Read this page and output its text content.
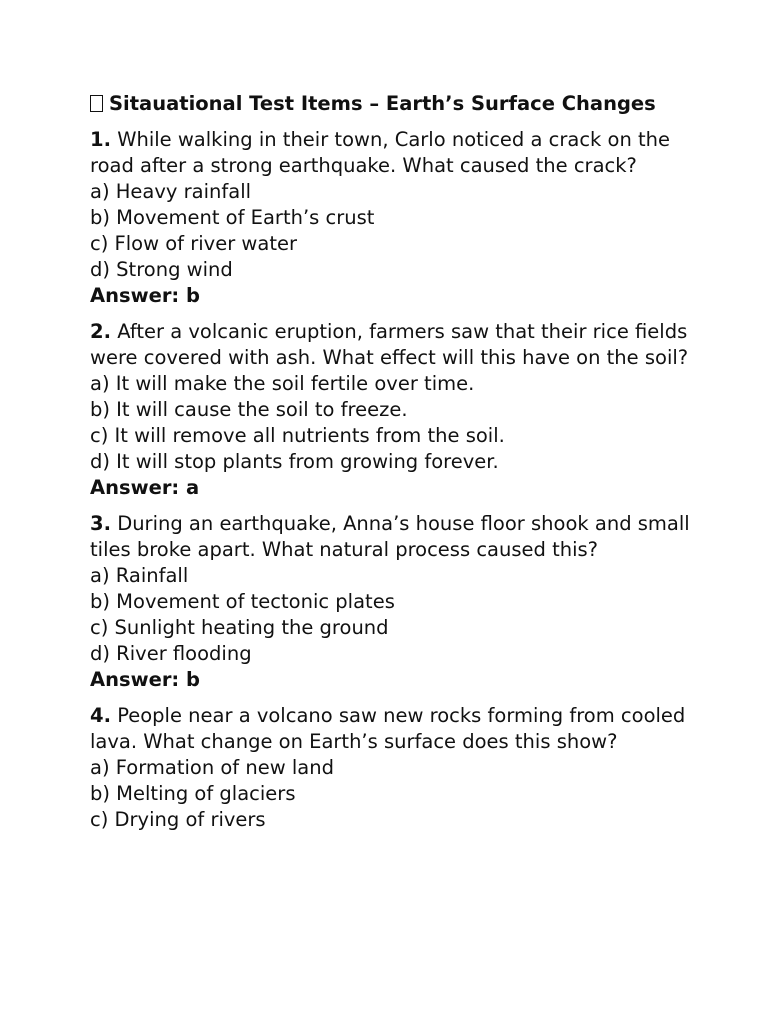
Sitauational Test Items – Earth’s Surface Changes

1. While walking in their town, Carlo noticed a crack on the road after a strong earthquake. What caused the crack?

a) Heavy rainfall

b) Movement of Earth’s crust

c) Flow of river water

d) Strong wind

Answer: b

2. After a volcanic eruption, farmers saw that their rice fields were covered with ash. What effect will this have on the soil?

a) It will make the soil fertile over time.

b) It will cause the soil to freeze.

c) It will remove all nutrients from the soil.

d) It will stop plants from growing forever.

Answer: a

3. During an earthquake, Anna’s house floor shook and small tiles broke apart. What natural process caused this?

a) Rainfall

b) Movement of tectonic plates

c) Sunlight heating the ground

d) River flooding

Answer: b

4. People near a volcano saw new rocks forming from cooled lava. What change on Earth’s surface does this show?

a) Formation of new land

b) Melting of glaciers

c) Drying of rivers
